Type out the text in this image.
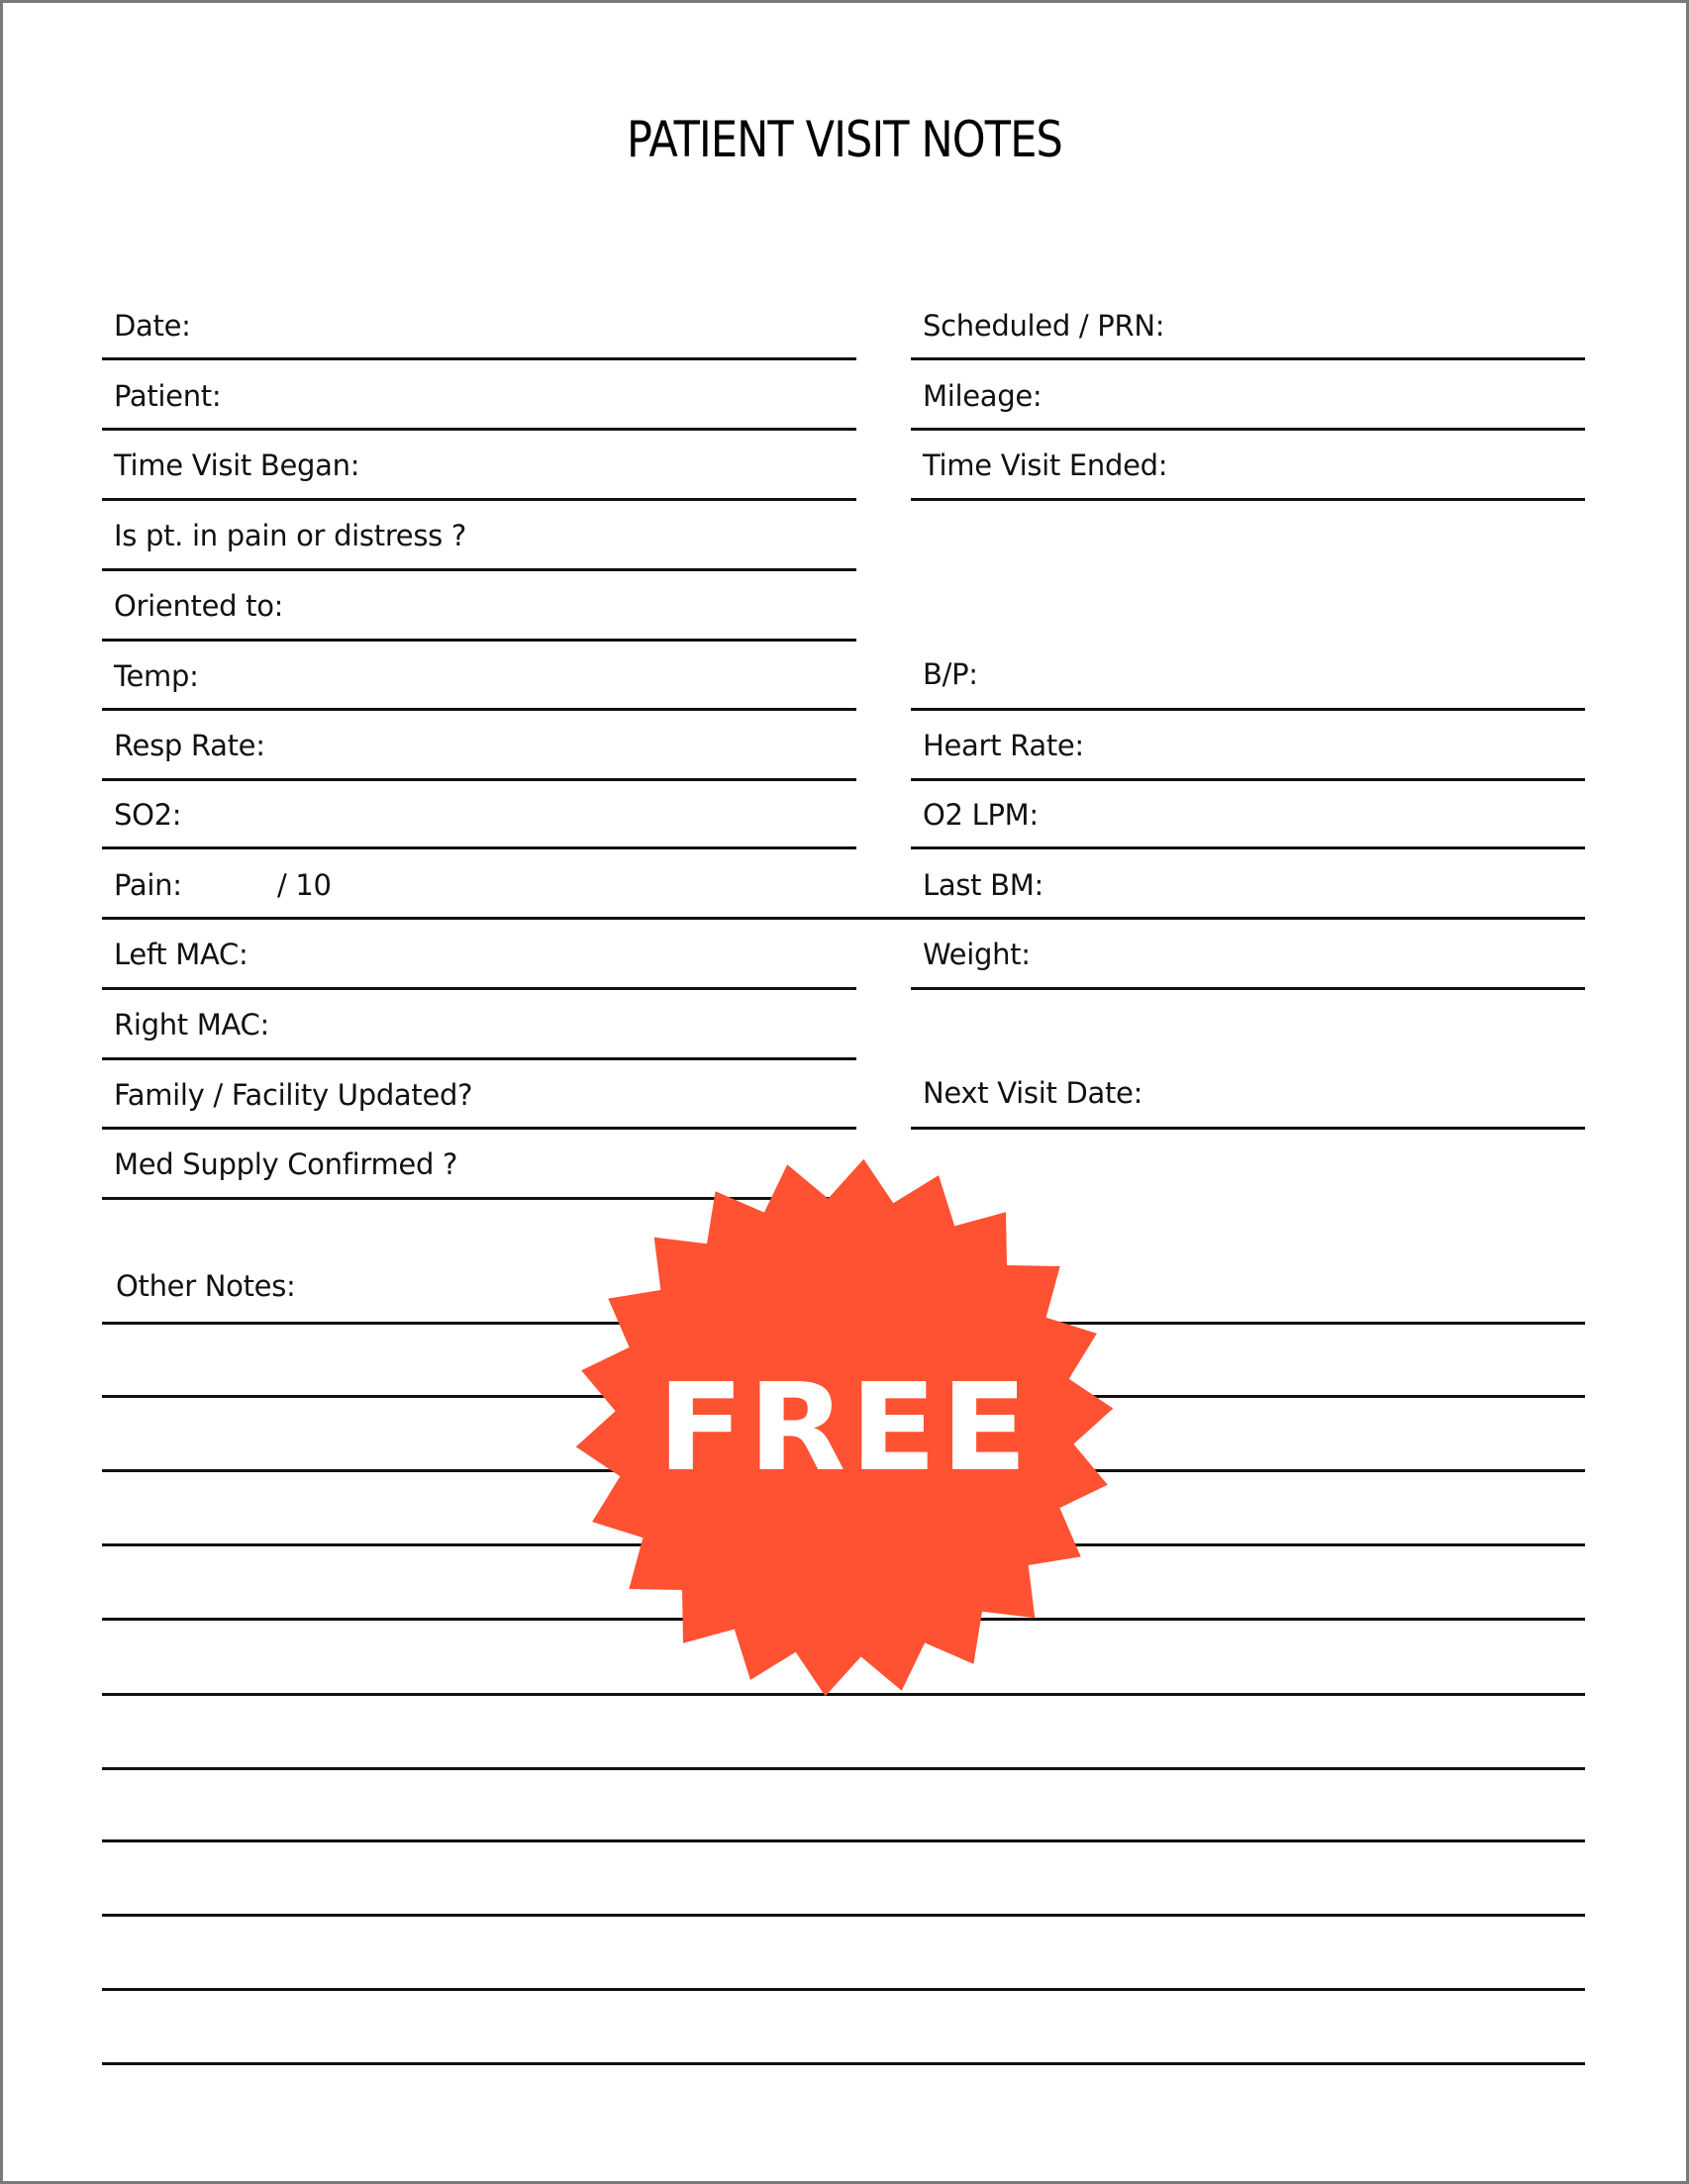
PATIENT VISIT NOTES
Date:
Patient:
Time Visit Began:
Is pt. in pain or distress ?
Oriented to:
Temp:
Resp Rate:
SO2:
Pain:	/ 10
Left MAC:
Right MAC:
Family / Facility Updated?
Med Supply Confirmed ?
Scheduled / PRN:
Mileage:
Time Visit Ended:
B/P:
Heart Rate:
O2 LPM:
Last BM:
Weight:
Next Visit Date:
Other Notes:
FREE
